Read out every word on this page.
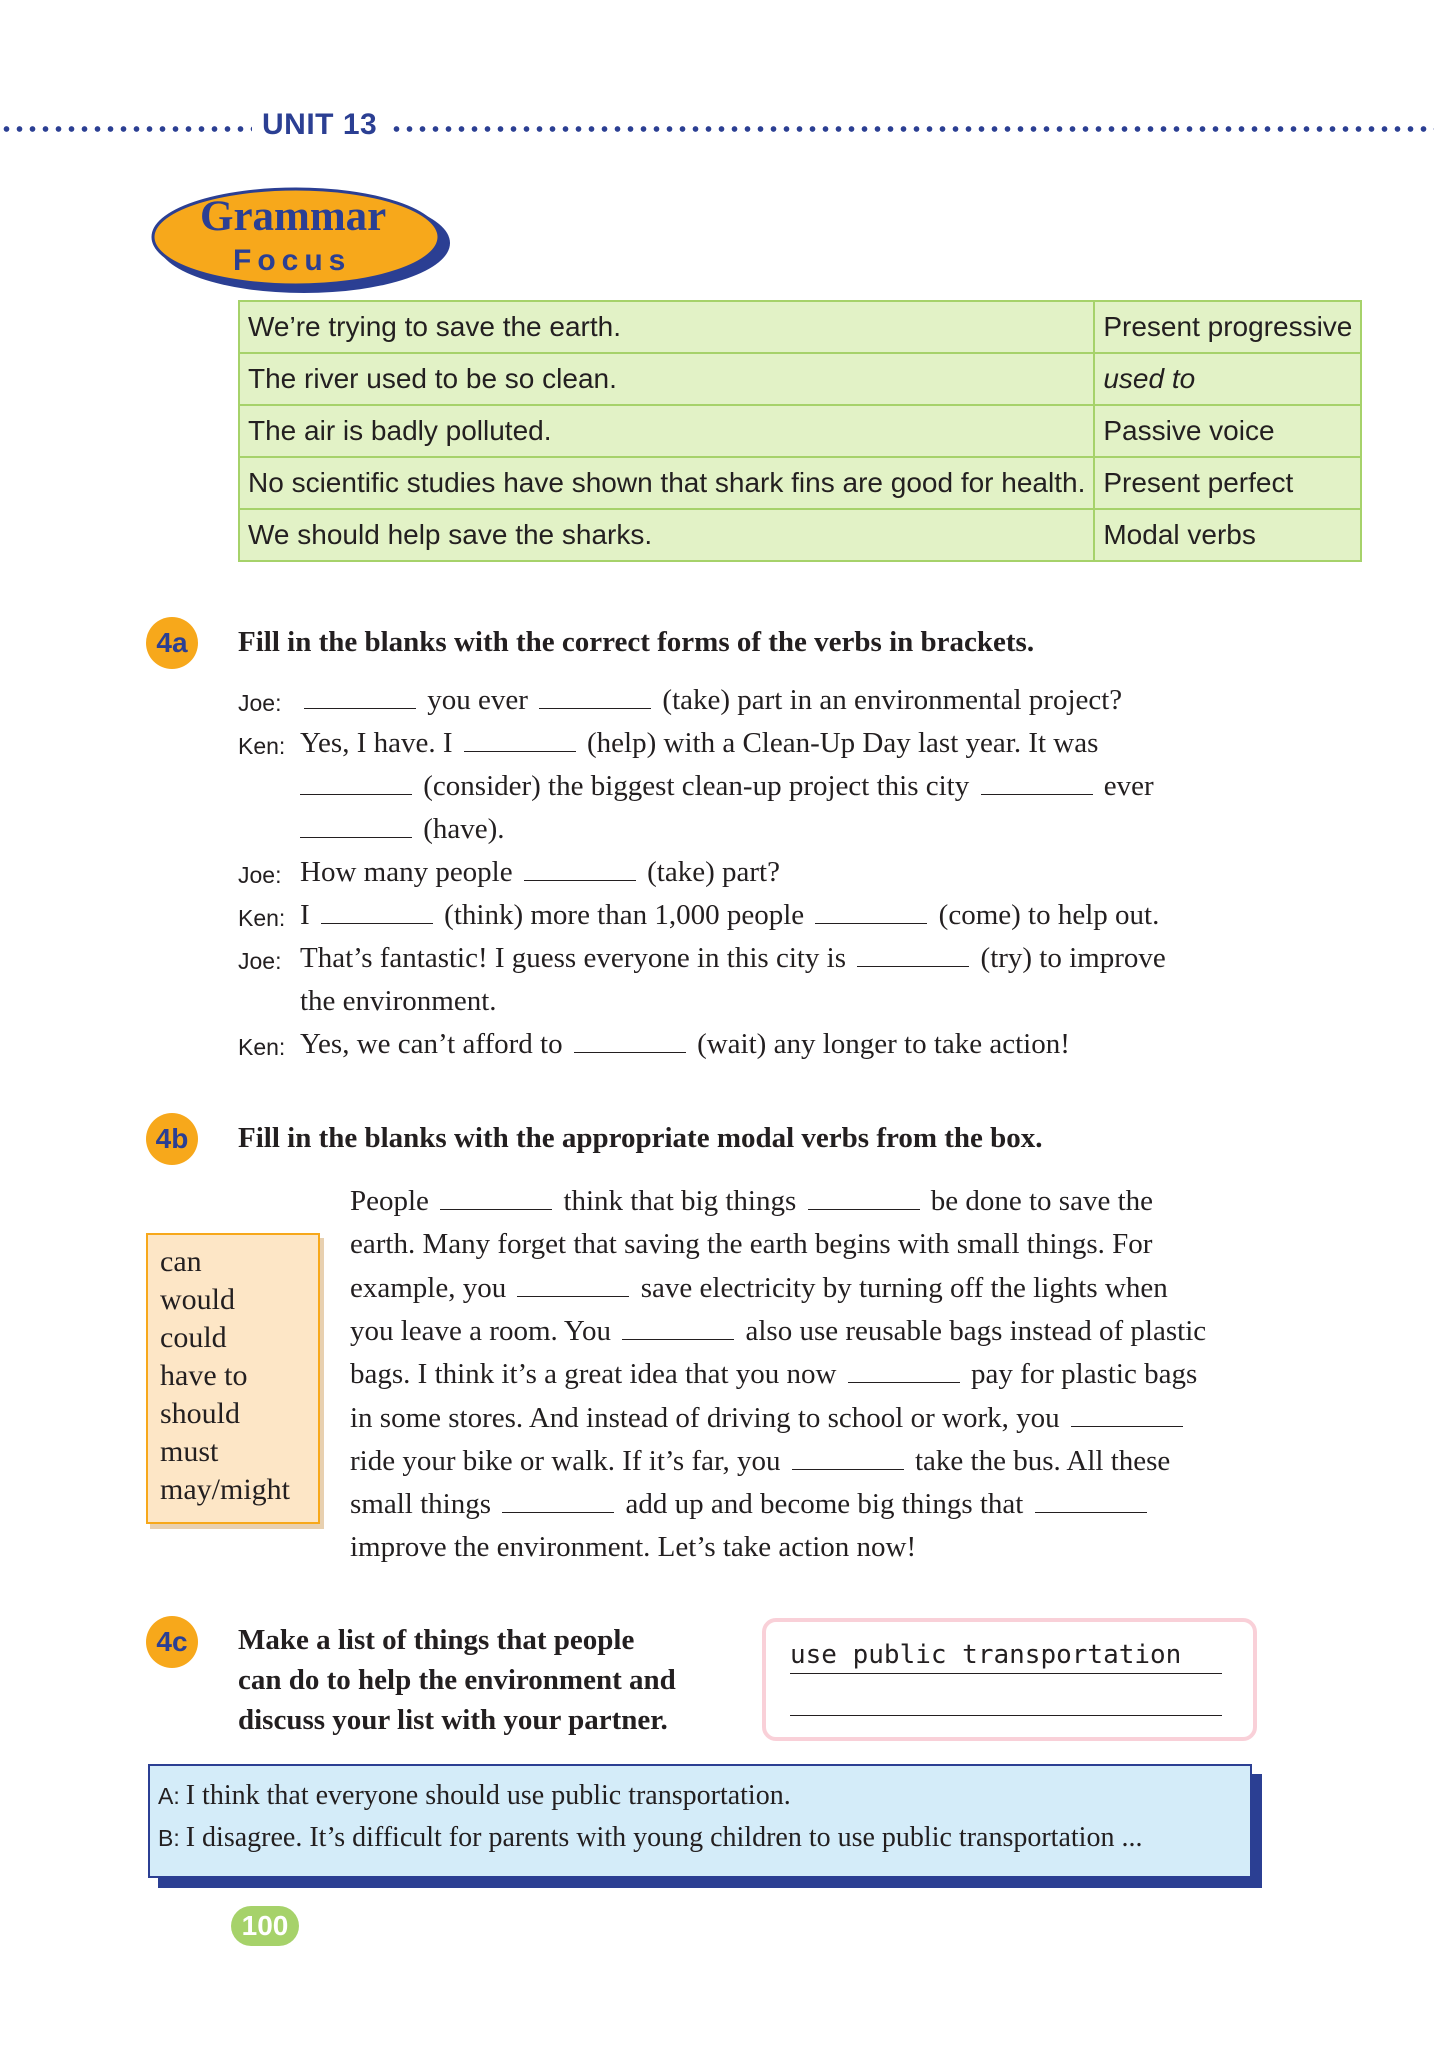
UNIT 13
Grammar
Focus
We’re trying to save the earth.	Present progressive
The river used to be so clean.	used to
The air is badly polluted.	Passive voice
No scientific studies have shown that shark fins are good for health.	Present perfect
We should help save the sharks.	Modal verbs
4a	Fill in the blanks with the correct forms of the verbs in brackets.
Joe:	you ever	(take) part in an environmental project?
Ken: Yes, I have. I	(help) with a Clean-Up Day last year. It was
(consider) the biggest clean-up project this city	ever
(have).
Joe: How many people	(take) part?
Ken: I	(think) more than 1,000 people	(come) to help out.
Joe: That’s fantastic! I guess everyone in this city is	(try) to improve
the environment.
Ken: Yes, we can’t afford to	(wait) any longer to take action!
4b	Fill in the blanks with the appropriate modal verbs from the box.
can
would
could
have to
should
must
may/might
People	think that big things	be done to save the
earth. Many forget that saving the earth begins with small things. For
example, you	save electricity by turning off the lights when
you leave a room. You	also use reusable bags instead of plastic
bags. I think it’s a great idea that you now	pay for plastic bags
in some stores. And instead of driving to school or work, you
ride your bike or walk. If it’s far, you	take the bus. All these
small things	add up and become big things that
improve the environment. Let’s take action now!
4c	Make a list of things that people
can do to help the environment and
discuss your list with your partner.
use public transportation
A: I think that everyone should use public transportation.
B: I disagree. It’s difficult for parents with young children to use public transportation ...
100
